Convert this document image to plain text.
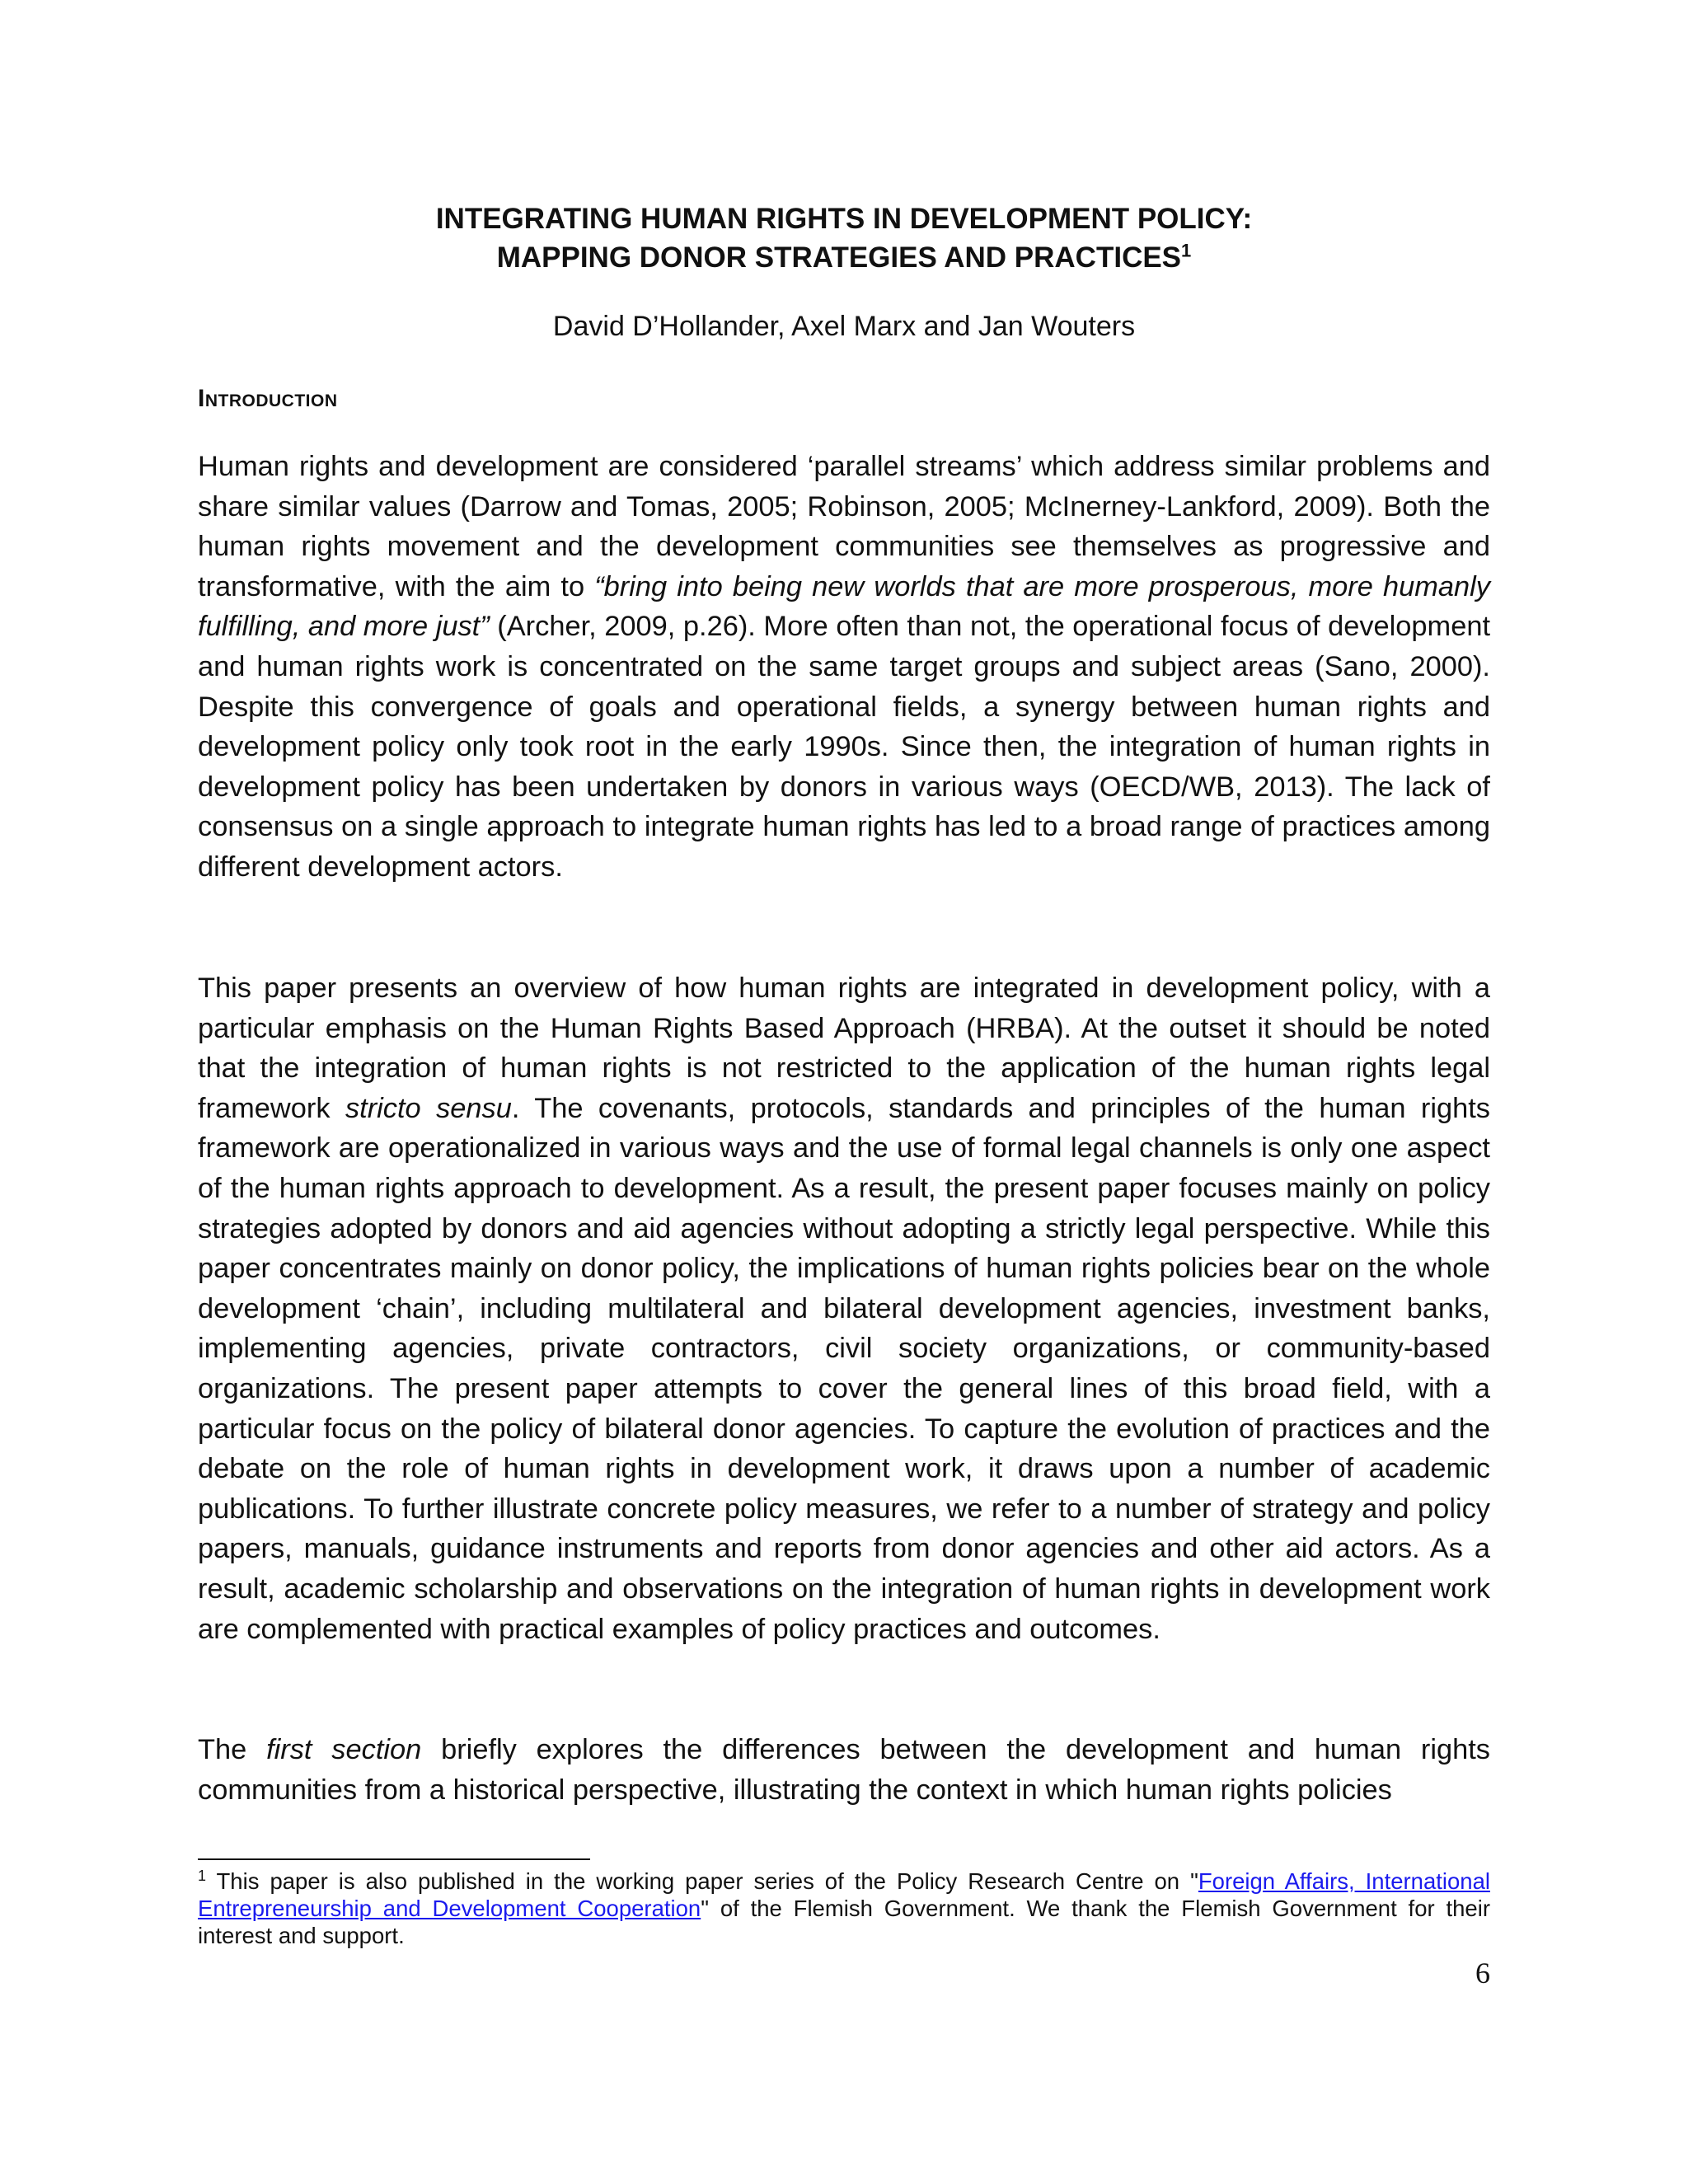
INTEGRATING HUMAN RIGHTS IN DEVELOPMENT POLICY:
MAPPING DONOR STRATEGIES AND PRACTICES$^1$

David D’Hollander, Axel Marx and Jan Wouters

Introduction

Human rights and development are considered ‘parallel streams’ which address similar problems and share similar values (Darrow and Tomas, 2005; Robinson, 2005; McInerney-Lankford, 2009). Both the human rights movement and the development communities see themselves as progressive and transformative, with the aim to “bring into being new worlds that are more prosperous, more humanly fulfilling, and more just” (Archer, 2009, p.26). More often than not, the operational focus of development and human rights work is concentrated on the same target groups and subject areas (Sano, 2000). Despite this convergence of goals and operational fields, a synergy between human rights and development policy only took root in the early 1990s. Since then, the integration of human rights in development policy has been undertaken by donors in various ways (OECD/WB, 2013). The lack of consensus on a single approach to integrate human rights has led to a broad range of practices among different development actors.

This paper presents an overview of how human rights are integrated in development policy, with a particular emphasis on the Human Rights Based Approach (HRBA). At the outset it should be noted that the integration of human rights is not restricted to the application of the human rights legal framework stricto sensu. The covenants, protocols, standards and principles of the human rights framework are operationalized in various ways and the use of formal legal channels is only one aspect of the human rights approach to development. As a result, the present paper focuses mainly on policy strategies adopted by donors and aid agencies without adopting a strictly legal perspective. While this paper concentrates mainly on donor policy, the implications of human rights policies bear on the whole development ‘chain’, including multilateral and bilateral development agencies, investment banks, implementing agencies, private contractors, civil society organizations, or community-based organizations. The present paper attempts to cover the general lines of this broad field, with a particular focus on the policy of bilateral donor agencies. To capture the evolution of practices and the debate on the role of human rights in development work, it draws upon a number of academic publications. To further illustrate concrete policy measures, we refer to a number of strategy and policy papers, manuals, guidance instruments and reports from donor agencies and other aid actors. As a result, academic scholarship and observations on the integration of human rights in development work are complemented with practical examples of policy practices and outcomes.

The first section briefly explores the differences between the development and human rights communities from a historical perspective, illustrating the context in which human rights policies

$^1$ This paper is also published in the working paper series of the Policy Research Centre on "Foreign Affairs, International Entrepreneurship and Development Cooperation" of the Flemish Government. We thank the Flemish Government for their interest and support.

6
